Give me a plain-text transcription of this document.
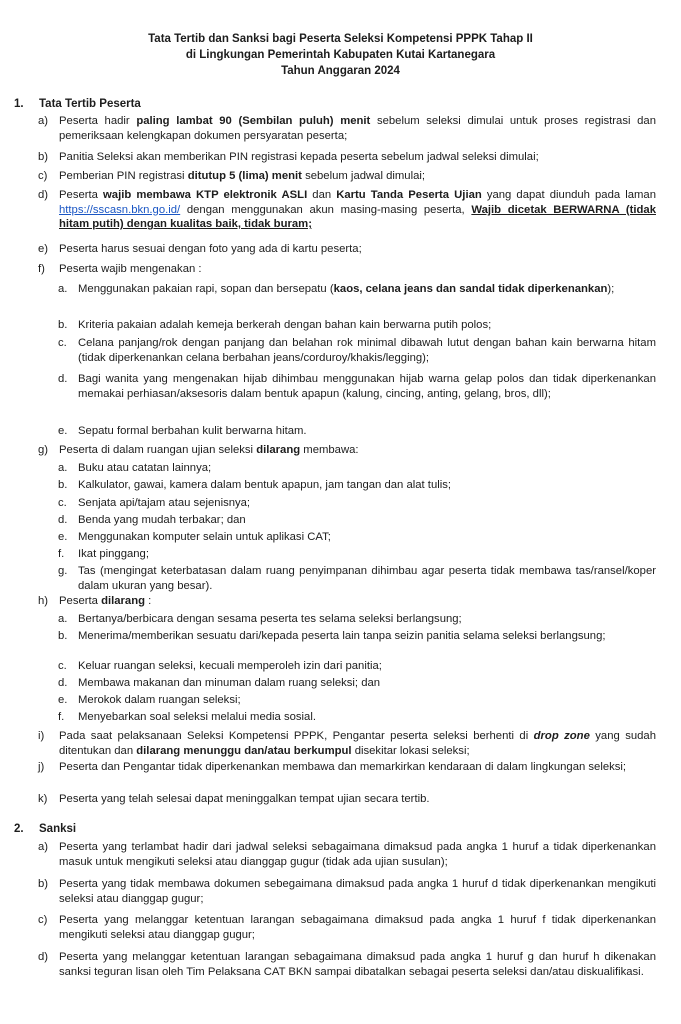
Tata Tertib dan Sanksi bagi Peserta Seleksi Kompetensi PPPK Tahap II
di Lingkungan Pemerintah Kabupaten Kutai Kartanegara
Tahun Anggaran 2024
1. Tata Tertib Peserta
a) Peserta hadir paling lambat 90 (Sembilan puluh) menit sebelum seleksi dimulai untuk proses registrasi dan pemeriksaan kelengkapan dokumen persyaratan peserta;
b) Panitia Seleksi akan memberikan PIN registrasi kepada peserta sebelum jadwal seleksi dimulai;
c) Pemberian PIN registrasi ditutup 5 (lima) menit sebelum jadwal dimulai;
d) Peserta wajib membawa KTP elektronik ASLI dan Kartu Tanda Peserta Ujian yang dapat diunduh pada laman https://sscasn.bkn.go.id/ dengan menggunakan akun masing-masing peserta, Wajib dicetak BERWARNA (tidak hitam putih) dengan kualitas baik, tidak buram;
e) Peserta harus sesuai dengan foto yang ada di kartu peserta;
f) Peserta wajib mengenakan :
a. Menggunakan pakaian rapi, sopan dan bersepatu (kaos, celana jeans dan sandal tidak diperkenankan);
b. Kriteria pakaian adalah kemeja berkerah dengan bahan kain berwarna putih polos;
c. Celana panjang/rok dengan panjang dan belahan rok minimal dibawah lutut dengan bahan kain berwarna hitam (tidak diperkenankan celana berbahan jeans/corduroy/khakis/legging);
d. Bagi wanita yang mengenakan hijab dihimbau menggunakan hijab warna gelap polos dan tidak diperkenankan memakai perhiasan/aksesoris dalam bentuk apapun (kalung, cincing, anting, gelang, bros, dll);
e. Sepatu formal berbahan kulit berwarna hitam.
g) Peserta di dalam ruangan ujian seleksi dilarang membawa:
a. Buku atau catatan lainnya;
b. Kalkulator, gawai, kamera dalam bentuk apapun, jam tangan dan alat tulis;
c. Senjata api/tajam atau sejenisnya;
d. Benda yang mudah terbakar; dan
e. Menggunakan komputer selain untuk aplikasi CAT;
f. Ikat pinggang;
g. Tas (mengingat keterbatasan dalam ruang penyimpanan dihimbau agar peserta tidak membawa tas/ransel/koper dalam ukuran yang besar).
h) Peserta dilarang :
a. Bertanya/berbicara dengan sesama peserta tes selama seleksi berlangsung;
b. Menerima/memberikan sesuatu dari/kepada peserta lain tanpa seizin panitia selama seleksi berlangsung;
c. Keluar ruangan seleksi, kecuali memperoleh izin dari panitia;
d. Membawa makanan dan minuman dalam ruang seleksi; dan
e. Merokok dalam ruangan seleksi;
f. Menyebarkan soal seleksi melalui media sosial.
i) Pada saat pelaksanaan Seleksi Kompetensi PPPK, Pengantar peserta seleksi berhenti di drop zone yang sudah ditentukan dan dilarang menunggu dan/atau berkumpul disekitar lokasi seleksi;
j) Peserta dan Pengantar tidak diperkenankan membawa dan memarkirkan kendaraan di dalam lingkungan seleksi;
k) Peserta yang telah selesai dapat meninggalkan tempat ujian secara tertib.
2. Sanksi
a) Peserta yang terlambat hadir dari jadwal seleksi sebagaimana dimaksud pada angka 1 huruf a tidak diperkenankan masuk untuk mengikuti seleksi atau dianggap gugur (tidak ada ujian susulan);
b) Peserta yang tidak membawa dokumen sebegaimana dimaksud pada angka 1 huruf d tidak diperkenankan mengikuti seleksi atau dianggap gugur;
c) Peserta yang melanggar ketentuan larangan sebagaimana dimaksud pada angka 1 huruf f tidak diperkenankan mengikuti seleksi atau dianggap gugur;
d) Peserta yang melanggar ketentuan larangan sebagaimana dimaksud pada angka 1 huruf g dan huruf h dikenakan sanksi teguran lisan oleh Tim Pelaksana CAT BKN sampai dibatalkan sebagai peserta seleksi dan/atau diskualifikasi.
